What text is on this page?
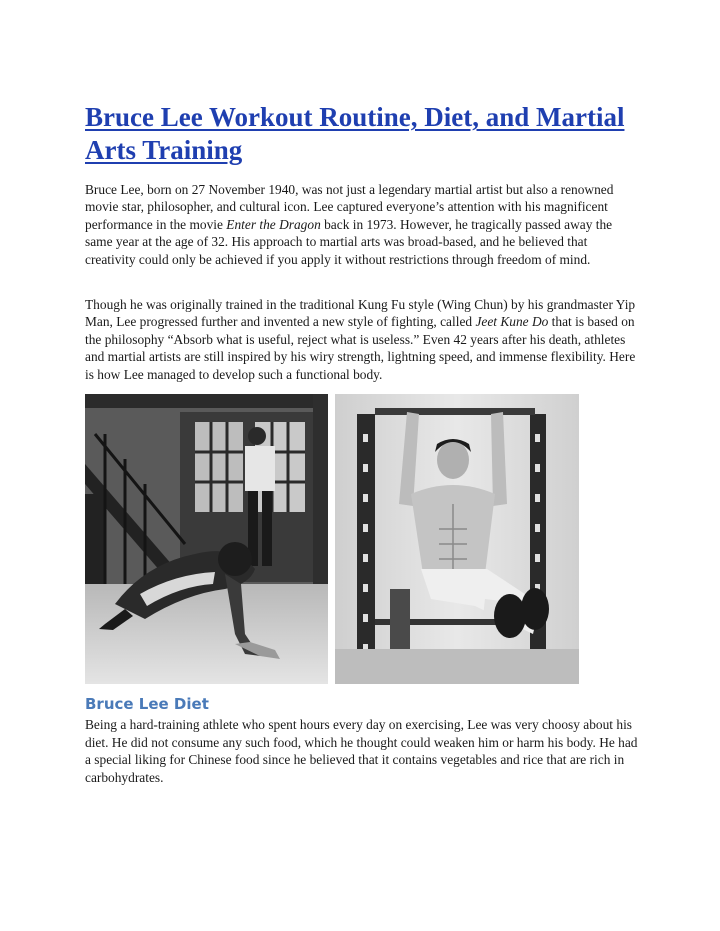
Bruce Lee Workout Routine, Diet, and Martial Arts Training

Bruce Lee, born on 27 November 1940, was not just a legendary martial artist but also a renowned movie star, philosopher, and cultural icon. Lee captured everyone’s attention with his magnificent performance in the movie Enter the Dragon back in 1973. However, he tragically passed away the same year at the age of 32. His approach to martial arts was broad-based, and he believed that creativity could only be achieved if you apply it without restrictions through freedom of mind.

Though he was originally trained in the traditional Kung Fu style (Wing Chun) by his grandmaster Yip Man, Lee progressed further and invented a new style of fighting, called Jeet Kune Do that is based on the philosophy “Absorb what is useful, reject what is useless.” Even 42 years after his death, athletes and martial artists are still inspired by his wiry strength, lightning speed, and immense flexibility. Here is how Lee managed to develop such a functional body.

Bruce Lee Diet

Being a hard-training athlete who spent hours every day on exercising, Lee was very choosy about his diet. He did not consume any such food, which he thought could weaken him or harm his body. He had a special liking for Chinese food since he believed that it contains vegetables and rice that are rich in carbohydrates.
